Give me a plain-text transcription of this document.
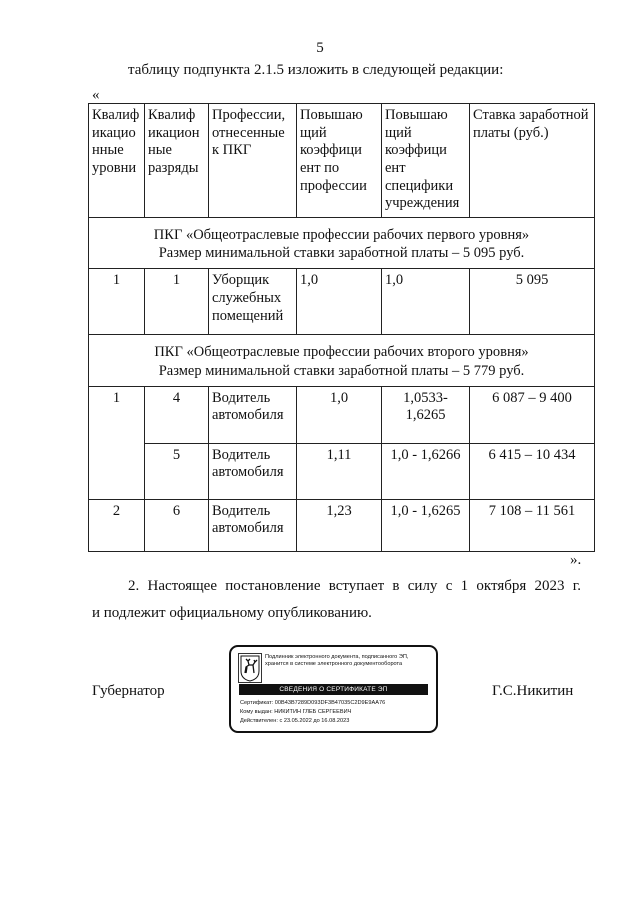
5
таблицу подпункта 2.1.5 изложить в следующей редакции:
«
Квалиф икацио нные уровни	Квалиф икацион ные разряды	Профессии, отнесенные к ПКГ	Повышаю щий коэффици ент по профессии	Повышаю щий коэффици ент специфики учреждения	Ставка заработной платы (руб.)

ПКГ «Общеотраслевые профессии рабочих первого уровня»
Размер минимальной ставки заработной платы – 5 095 руб.					

1	1	Уборщик служебных помещений	1,0	1,0	5 095

ПКГ «Общеотраслевые профессии рабочих второго уровня»
Размер минимальной ставки заработной платы – 5 779 руб.					

1	4	Водитель автомобиля	1,0	1,0533- 1,6265	6 087 – 9 400
	5	Водитель автомобиля	1,11	1,0 - 1,6266	6 415 – 10 434
2	6	Водитель автомобиля	1,23	1,0 - 1,6265	7 108 – 11 561
».
2. Настоящее постановление вступает в силу с 1 октября 2023 г.
и подлежит официальному опубликованию.
Губернатор	Г.С.Никитин
Подлинник электронного документа, подписанного ЭП, хранится в системе электронного документооборота
СВЕДЕНИЯ О СЕРТИФИКАТЕ ЭП
Сертификат: 00B43B7289D093DF3B47035C2D9E9AA76
Кому выдан: НИКИТИН ГЛЕБ СЕРГЕЕВИЧ
Действителен: с 23.05.2022 до 16.08.2023
